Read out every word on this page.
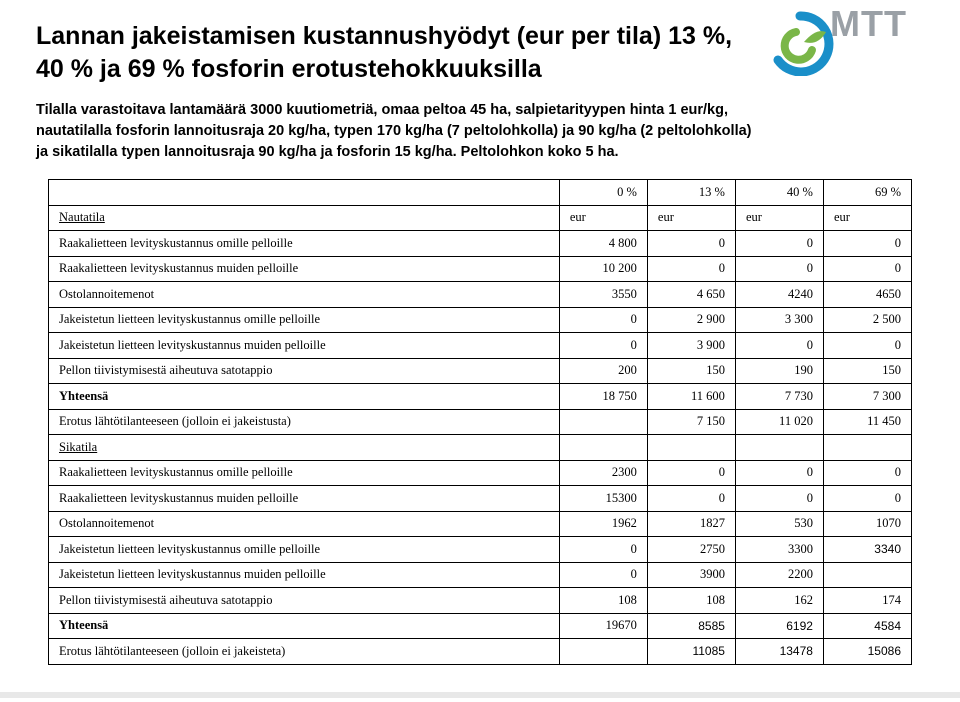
Lannan jakeistamisen kustannushyödyt (eur per tila) 13 %,
40 % ja 69 % fosforin erotustehokkuuksilla
MTT

Tilalla varastoitava lantamäärä 3000 kuutiometriä, omaa peltoa 45 ha, salpietarityypen hinta 1 eur/kg,
nautatilalla fosforin lannoitusraja 20 kg/ha, typen 170 kg/ha (7 peltolohkolla) ja 90 kg/ha (2 peltolohkolla)
ja sikatilalla typen lannoitusraja 90 kg/ha ja fosforin 15 kg/ha. Peltolohkon koko 5 ha.

	0 %	13 %	40 %	69 %
Nautatila	eur	eur	eur	eur
Raakalietteen levityskustannus omille pelloille	4 800	0	0	0
Raakalietteen levityskustannus muiden pelloille	10 200	0	0	0
Ostolannoitemenot	3550	4 650	4240	4650
Jakeistetun lietteen levityskustannus omille pelloille	0	2 900	3 300	2 500
Jakeistetun lietteen levityskustannus muiden pelloille	0	3 900	0	0
Pellon tiivistymisestä aiheutuva satotappio	200	150	190	150
Yhteensä	18 750	11 600	7 730	7 300
Erotus lähtötilanteeseen (jolloin ei jakeistusta)		7 150	11 020	11 450
Sikatila				
Raakalietteen levityskustannus omille pelloille	2300	0	0	0
Raakalietteen levityskustannus muiden pelloille	15300	0	0	0
Ostolannoitemenot	1962	1827	530	1070
Jakeistetun lietteen levityskustannus omille pelloille	0	2750	3300	3340
Jakeistetun lietteen levityskustannus muiden pelloille	0	3900	2200	
Pellon tiivistymisestä aiheutuva satotappio	108	108	162	174
Yhteensä	19670	8585	6192	4584
Erotus lähtötilanteeseen (jolloin ei jakeisteta)		11085	13478	15086
